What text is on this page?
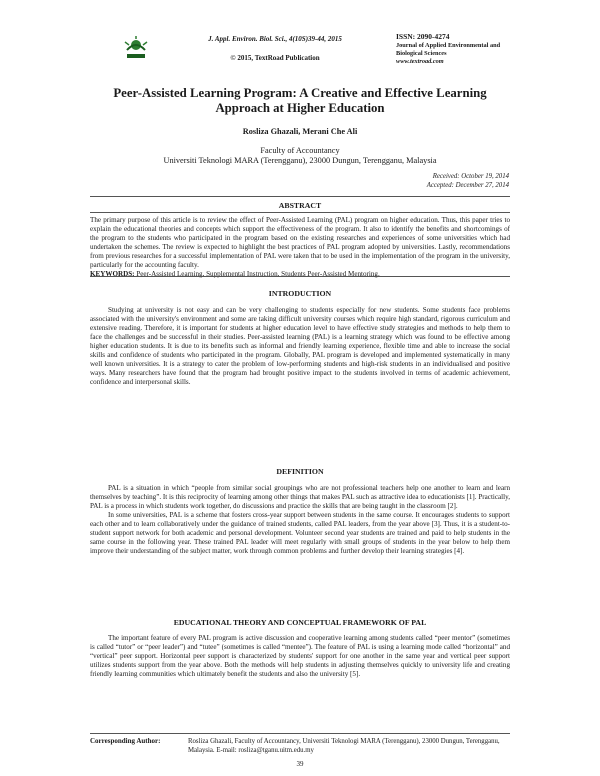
J. Appl. Environ. Biol. Sci., 4(10S)39-44, 2015
© 2015, TextRoad Publication
ISSN: 2090-4274
Journal of Applied Environmental and Biological Sciences
www.textroad.com
Peer-Assisted Learning Program: A Creative and Effective Learning
Approach at Higher Education
Rosliza Ghazali, Merani Che Ali
Faculty of Accountancy
Universiti Teknologi MARA (Terengganu), 23000 Dungun, Terengganu, Malaysia
Received: October 19, 2014
Accepted: December 27, 2014
ABSTRACT

The primary purpose of this article is to review the effect of Peer-Assisted Learning (PAL) program on higher education. Thus, this paper tries to explain the educational theories and concepts which support the effectiveness of the program. It also to identify the benefits and shortcomings of the program to the students who participated in the program based on the existing researches and experiences of some universities which had undertaken the schemes. The review is expected to highlight the best practices of PAL program adopted by universities. Lastly, recommendations from previous researches for a successful implementation of PAL were taken that to be used in the implementation of the program in the university, particularly for the accounting faculty.

KEYWORDS: Peer-Assisted Learning, Supplemental Instruction, Students Peer-Assisted Mentoring.

INTRODUCTION

Studying at university is not easy and can be very challenging to students especially for new students. Some students face problems associated with the university's environment and some are taking difficult university courses which require high standard, rigorous curriculum and extensive reading. Therefore, it is important for students at higher education level to have effective study strategies and methods to help them to face the challenges and be successful in their studies. Peer-assisted learning (PAL) is a learning strategy which was found to be effective among higher education students. It is due to its benefits such as informal and friendly learning experience, flexible time and able to increase the social skills and confidence of students who participated in the program. Globally, PAL program is developed and implemented systematically in many well known universities. It is a strategy to cater the problem of low-performing students and high-risk students in an individualised and positive ways. Many researchers have found that the program had brought positive impact to the students involved in terms of academic achievement, confidence and interpersonal skills.

DEFINITION

PAL is a situation in which “people from similar social groupings who are not professional teachers help one another to learn and learn themselves by teaching”. It is this reciprocity of learning among other things that makes PAL such as attractive idea to educationists [1]. Practically, PAL is a process in which students work together, do discussions and practice the skills that are being taught in the classroom [2].

In some universities, PAL is a scheme that fosters cross-year support between students in the same course. It encourages students to support each other and to learn collaboratively under the guidance of trained students, called PAL leaders, from the year above [3]. Thus, it is a student-to-student support network for both academic and personal development. Volunteer second year students are trained and paid to help students in the same course in the following year. These trained PAL leader will meet regularly with small groups of students in the year below to help them improve their understanding of the subject matter, work through common problems and further develop their learning strategies [4].

EDUCATIONAL THEORY AND CONCEPTUAL FRAMEWORK OF PAL

The important feature of every PAL program is active discussion and cooperative learning among students called “peer mentor” (sometimes is called “tutor” or “peer leader”) and “tutee” (sometimes is called “mentee”). The feature of PAL is using a learning mode called “horizontal” and “vertical” peer support. Horizontal peer support is characterized by students' support for one another in the same year and vertical peer support utilizes students support from the year above. Both the methods will help students in adjusting themselves quickly to university life and creating friendly learning communities which ultimately benefit the students and also the university [5].

Corresponding Author:	Rosliza Ghazali, Faculty of Accountancy, Universiti Teknologi MARA (Terengganu), 23000 Dungun, Terengganu, Malaysia. E-mail: rosliza@tganu.uitm.edu.my
39
